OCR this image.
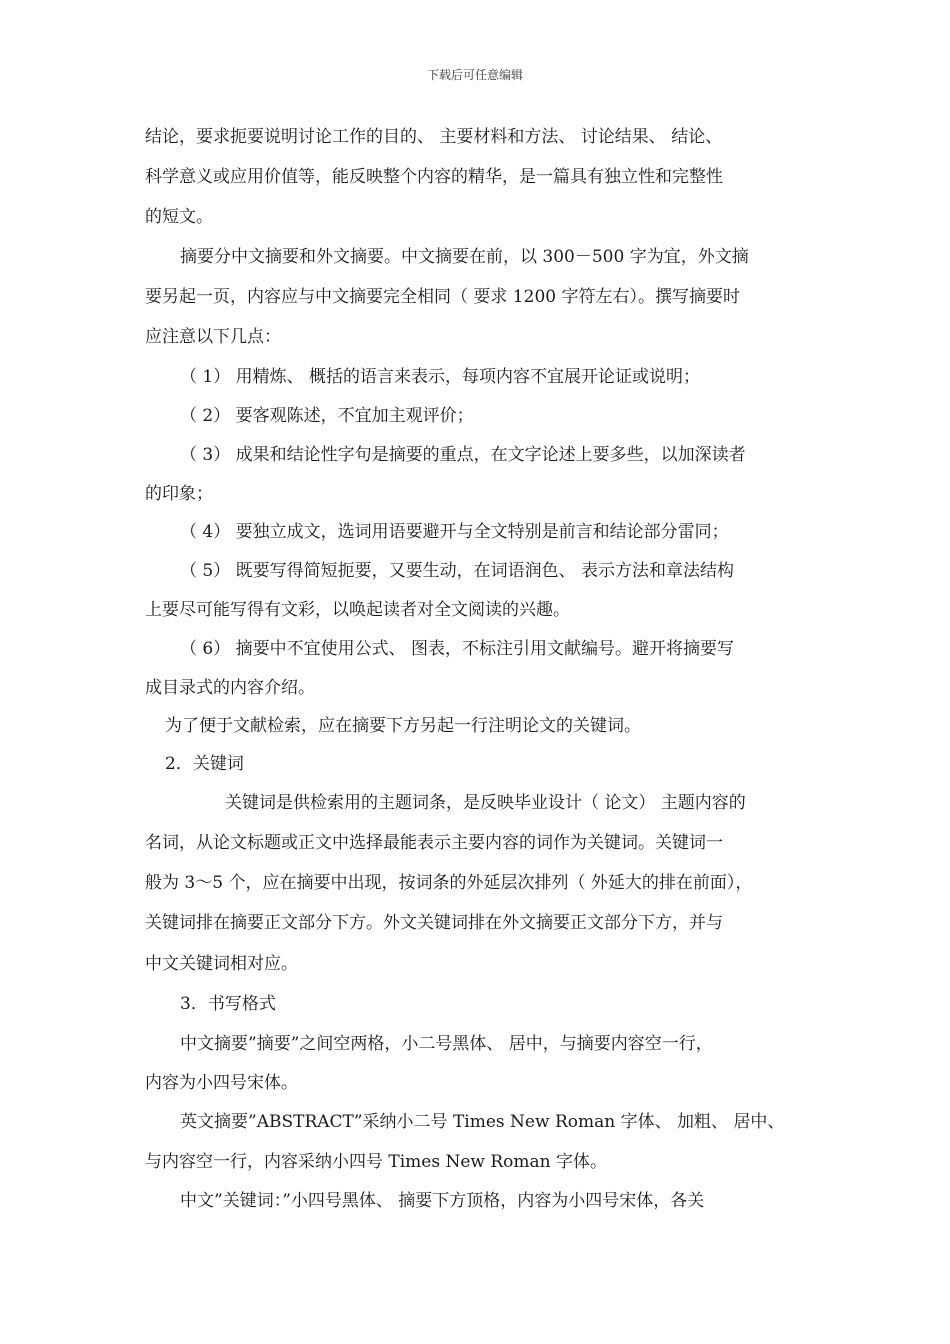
下载后可任意编辑
结论，要求扼要说明讨论工作的目的、 主要材料和方法、 讨论结果、 结论、
科学意义或应用价值等，能反映整个内容的精华，是一篇具有独立性和完整性
的短文。
摘要分中文摘要和外文摘要。中文摘要在前，以 300－500 字为宜，外文摘
要另起一页，内容应与中文摘要完全相同（ 要求 1200 字符左右）。撰写摘要时
应注意以下几点：
（ 1） 用精炼、 概括的语言来表示，每项内容不宜展开论证或说明；
（ 2） 要客观陈述，不宜加主观评价；
（ 3） 成果和结论性字句是摘要的重点，在文字论述上要多些，以加深读者
的印象；
（ 4） 要独立成文，选词用语要避开与全文特别是前言和结论部分雷同；
（ 5） 既要写得简短扼要，又要生动，在词语润色、 表示方法和章法结构
上要尽可能写得有文彩，以唤起读者对全文阅读的兴趣。
（ 6） 摘要中不宜使用公式、 图表，不标注引用文献编号。避开将摘要写
成目录式的内容介绍。
为了便于文献检索，应在摘要下方另起一行注明论文的关键词。
2．关键词
关键词是供检索用的主题词条，是反映毕业设计（ 论文） 主题内容的
名词，从论文标题或正文中选择最能表示主要内容的词作为关键词。关键词一
般为 3～5 个，应在摘要中出现，按词条的外延层次排列（ 外延大的排在前面），
关键词排在摘要正文部分下方。外文关键词排在外文摘要正文部分下方，并与
中文关键词相对应。
3．书写格式
中文摘要”摘要”之间空两格，小二号黑体、 居中，与摘要内容空一行，
内容为小四号宋体。
英文摘要”ABSTRACT”采纳小二号 Times New Roman 字体、 加粗、 居中、
与内容空一行，内容采纳小四号 Times New Roman 字体。
中文”关键词：”小四号黑体、 摘要下方顶格，内容为小四号宋体，各关
